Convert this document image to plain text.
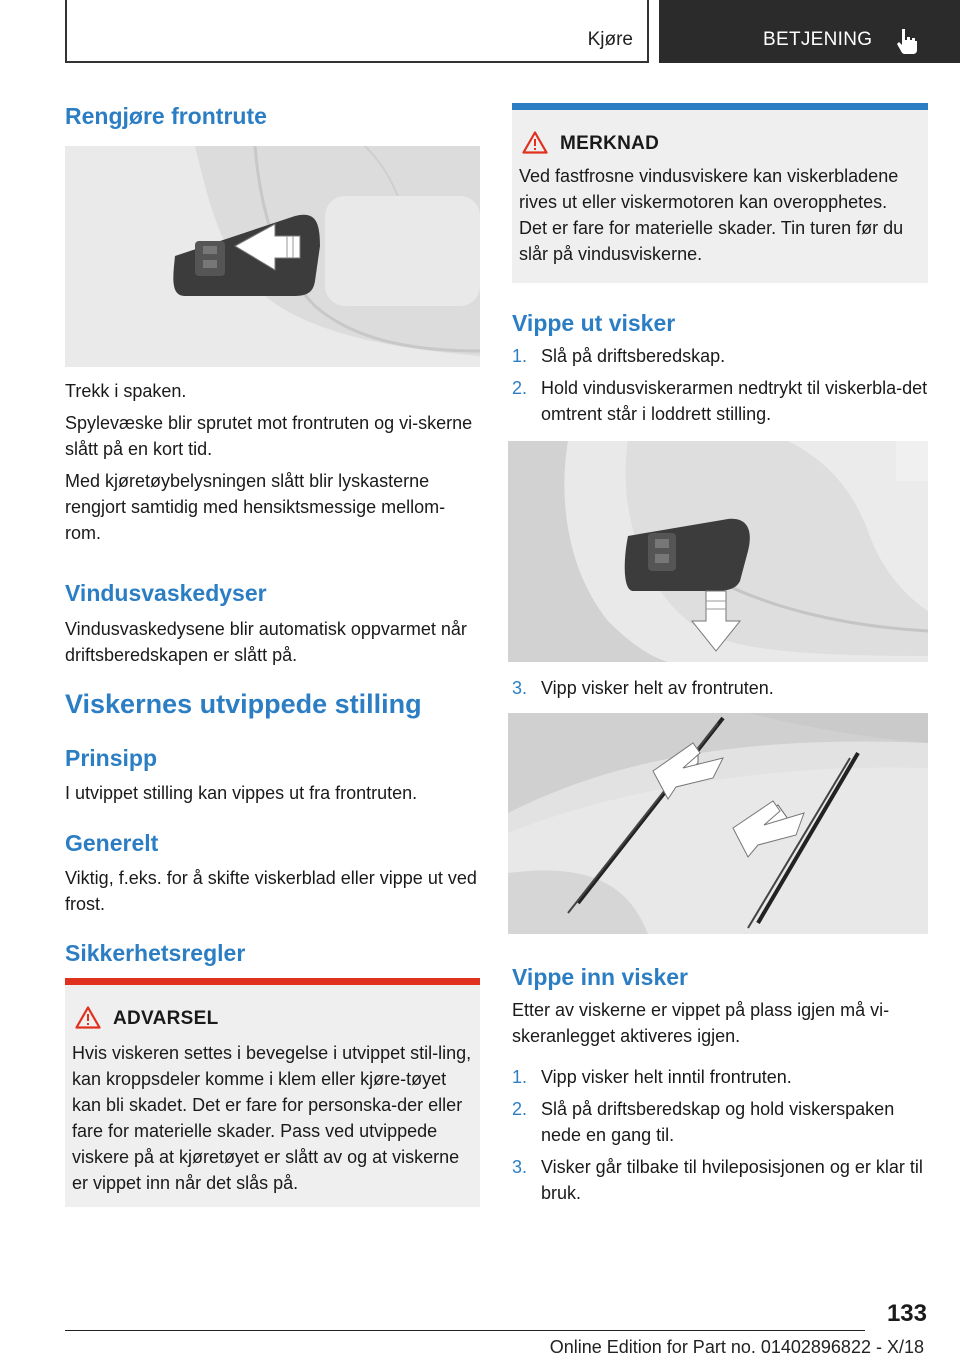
Kjøre	BETJENING
Rengjøre frontrute

Trekk i spaken.

Spylevæske blir sprutet mot frontruten og vi-skerne slått på en kort tid.

Med kjøretøybelysningen slått blir lyskasterne rengjort samtidig med hensiktsmessige mellom-rom.

Vindusvaskedyser

Vindusvaskedysene blir automatisk oppvarmet når driftsberedskapen er slått på.

Viskernes utvippede stilling
Prinsipp

I utvippet stilling kan vippes ut fra frontruten.

Generelt

Viktig, f.eks. for å skifte viskerblad eller vippe ut ved frost.

Sikkerhetsregler
ADVARSEL

Hvis viskeren settes i bevegelse i utvippet stil-ling, kan kroppsdeler komme i klem eller kjøre-tøyet kan bli skadet. Det er fare for personska-der eller fare for materielle skader. Pass ved utvippede viskere på at kjøretøyet er slått av og at viskerne er vippet inn når det slås på.

MERKNAD

Ved fastfrosne vindusviskere kan viskerbladene rives ut eller viskermotoren kan overopphetes. Det er fare for materielle skader. Tin turen før du slår på vindusviskerne.

Vippe ut visker
1. Slå på driftsberedskap.
2. Hold vindusviskerarmen nedtrykt til viskerbla-det omtrent står i loddrett stilling.
3. Vipp visker helt av frontruten.
Vippe inn visker

Etter av viskerne er vippet på plass igjen må vi-skeranlegget aktiveres igjen.

1. Vipp visker helt inntil frontruten.
2. Slå på driftsberedskap og hold viskerspaken nede en gang til.
3. Visker går tilbake til hvileposisjonen og er klar til bruk.
133
Online Edition for Part no. 01402896822 - X/18
